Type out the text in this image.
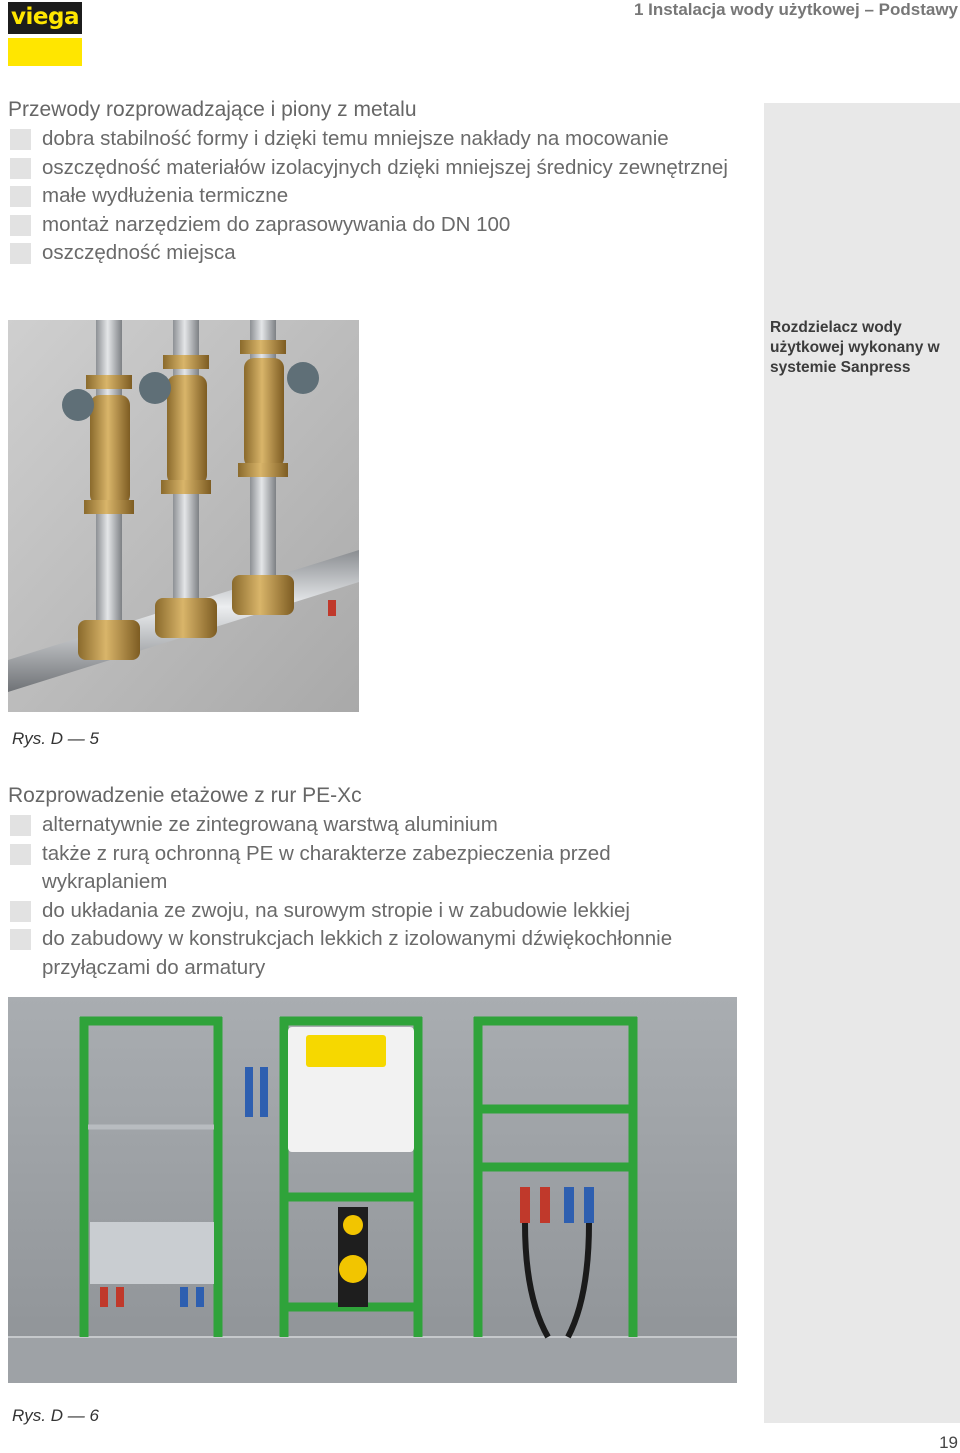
viega	1 Instalacja wody użytkowej – Podstawy
Rozdzielacz wody użytkowej wykonany w systemie Sanpress
Przewody rozprowadzające i piony z metalu
dobra stabilność formy i dzięki temu mniejsze nakłady na mocowanie
oszczędność materiałów izolacyjnych dzięki mniejszej średnicy zewnętrznej
małe wydłużenia termiczne
montaż narzędziem do zaprasowywania do DN 100
oszczędność miejsca
Rys. D — 5
Rozprowadzenie etażowe z rur PE-Xc
alternatywnie ze zintegrowaną warstwą aluminium
także z rurą ochronną PE w charakterze zabezpieczenia przed wykraplaniem
do układania ze zwoju, na surowym stropie i w zabudowie lekkiej
do zabudowy w konstrukcjach lekkich z izolowanymi dźwiękochłonnie przyłączami do armatury
Rys. D — 6
19
